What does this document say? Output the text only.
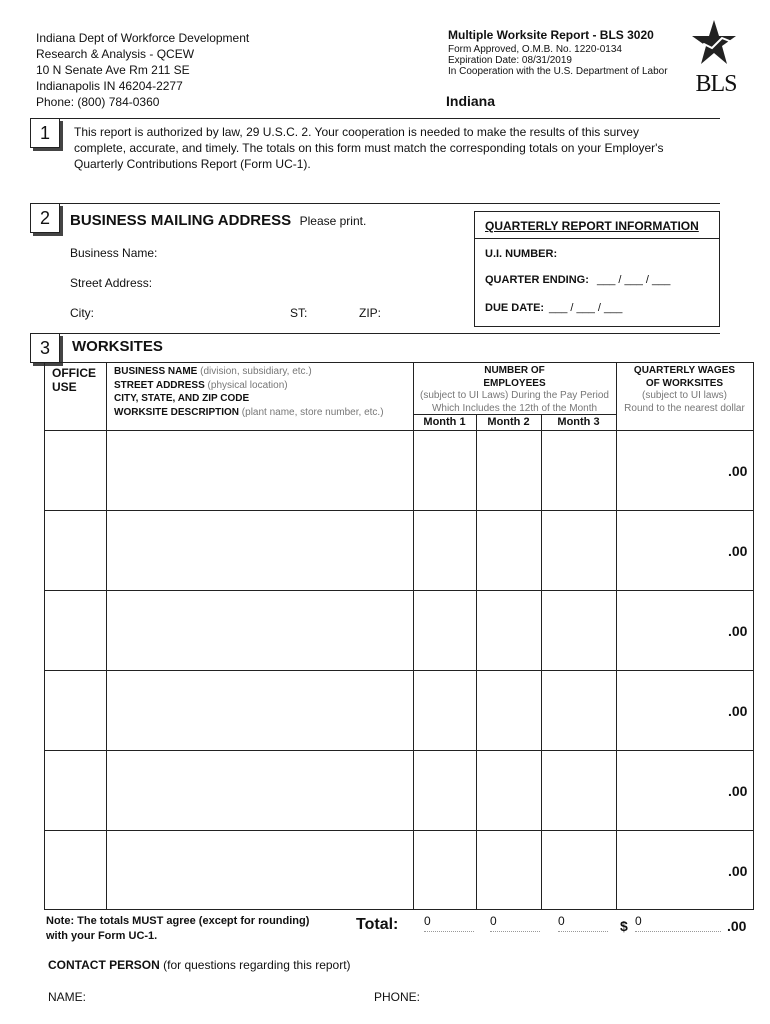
Indiana Dept of Workforce Development
Research & Analysis - QCEW
10 N Senate Ave Rm 211 SE
Indianapolis IN 46204-2277
Phone: (800) 784-0360
Multiple Worksite Report - BLS 3020
Form Approved, O.M.B. No. 1220-0134
Expiration Date: 08/31/2019
In Cooperation with the U.S. Department of Labor
Indiana
BLS
1	This report is authorized by law, 29 U.S.C. 2. Your cooperation is needed to make the results of this survey
complete, accurate, and timely. The totals on this form must match the corresponding totals on your Employer's
Quarterly Contributions Report (Form UC-1).
2	BUSINESS MAILING ADDRESS Please print.
Business Name:
Street Address:
City:	ST:	ZIP:
QUARTERLY REPORT INFORMATION
U.I. NUMBER:
QUARTER ENDING: ___ / ___ / ___
DUE DATE: ___ / ___ / ___
3	WORKSITES
OFFICE
USE
BUSINESS NAME (division, subsidiary, etc.)
STREET ADDRESS (physical location)
CITY, STATE, AND ZIP CODE
WORKSITE DESCRIPTION (plant name, store number, etc.)
NUMBER OF
EMPLOYEES
(subject to UI Laws) During the Pay Period
Which Includes the 12th of the Month
Month 1	Month 2	Month 3
QUARTERLY WAGES
OF WORKSITES
(subject to UI laws)
Round to the nearest dollar
.00
.00
.00
.00
.00
.00
Note: The totals MUST agree (except for rounding)
with your Form UC-1.
Total: 0	0	0	$ 0	.00
CONTACT PERSON (for questions regarding this report)
NAME:	PHONE:
